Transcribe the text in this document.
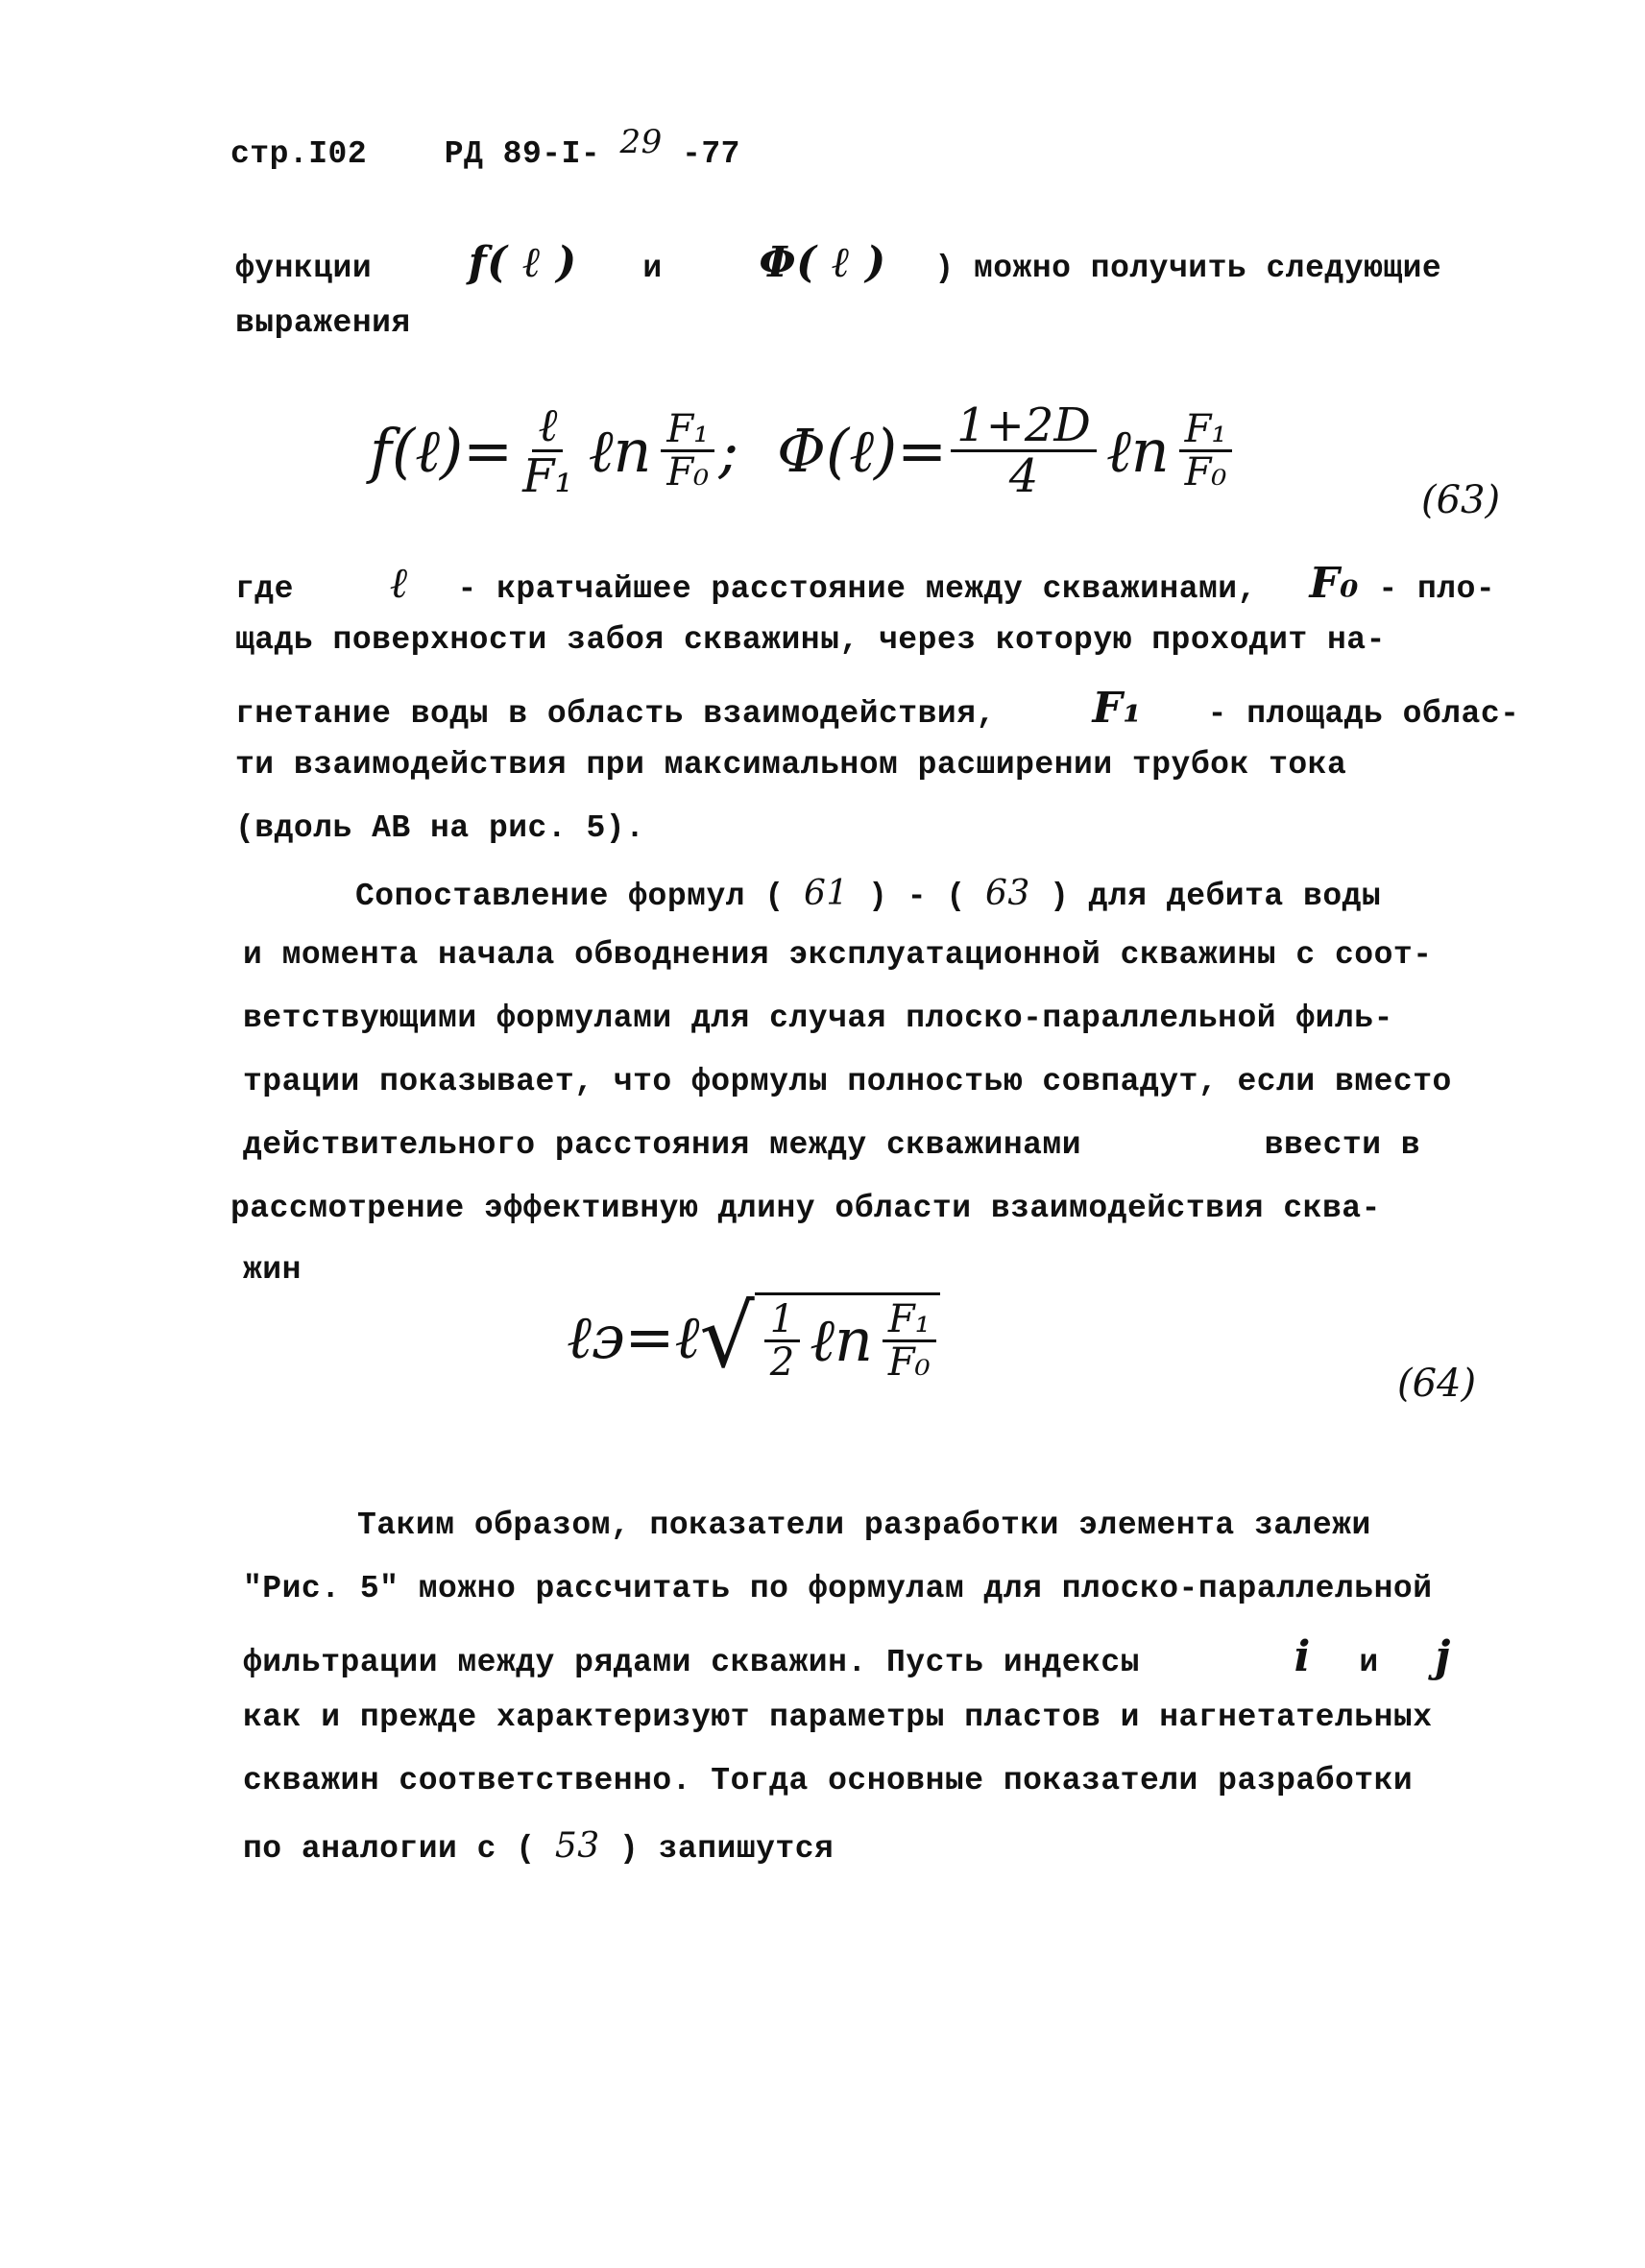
стр.I02 РД 89-I- 29 -77
функции f( ℓ ) и Φ( ℓ ) ) можно получить следующие
выражения
f(ℓ)= $\frac{\text{ℓ}}{\text{F₁}}$ ℓn $\frac{\text{F₁}}{\text{F₀}}$ ; Φ(ℓ)= $\frac{1+2D}{4}$ ℓn $\frac{\text{F₁}}{\text{F₀}}$
(63)
где ℓ - кратчайшее расстояние между скважинами, F₀ - пло-
щадь поверхности забоя скважины, через которую проходит на-
гнетание воды в область взаимодействия, F₁ - площадь облас-
ти взаимодействия при максимальном расширении трубок тока
(вдоль АВ на рис. 5).
Сопоставление формул ( 61 ) - ( 63 ) для дебита воды
и момента начала обводнения эксплуатационной скважины с соот-
ветствующими формулами для случая плоско-параллельной филь-
трации показывает, что формулы полностью совпадут, если вместо
действительного расстояния между скважинами	ввести в
рассмотрение эффективную длину области взаимодействия сква-
жин
ℓэ=ℓ √ $\frac{1}{2}$ ℓn $\frac{\text{F₁}}{\text{F₀}}$
(64)
Таким образом, показатели разработки элемента залежи
"Рис. 5" можно рассчитать по формулам для плоско-параллельной
фильтрации между рядами скважин. Пусть индексы	i и j
как и прежде характеризуют параметры пластов и нагнетательных
скважин соответственно. Тогда основные показатели разработки
по аналогии с ( 53 ) запишутся
